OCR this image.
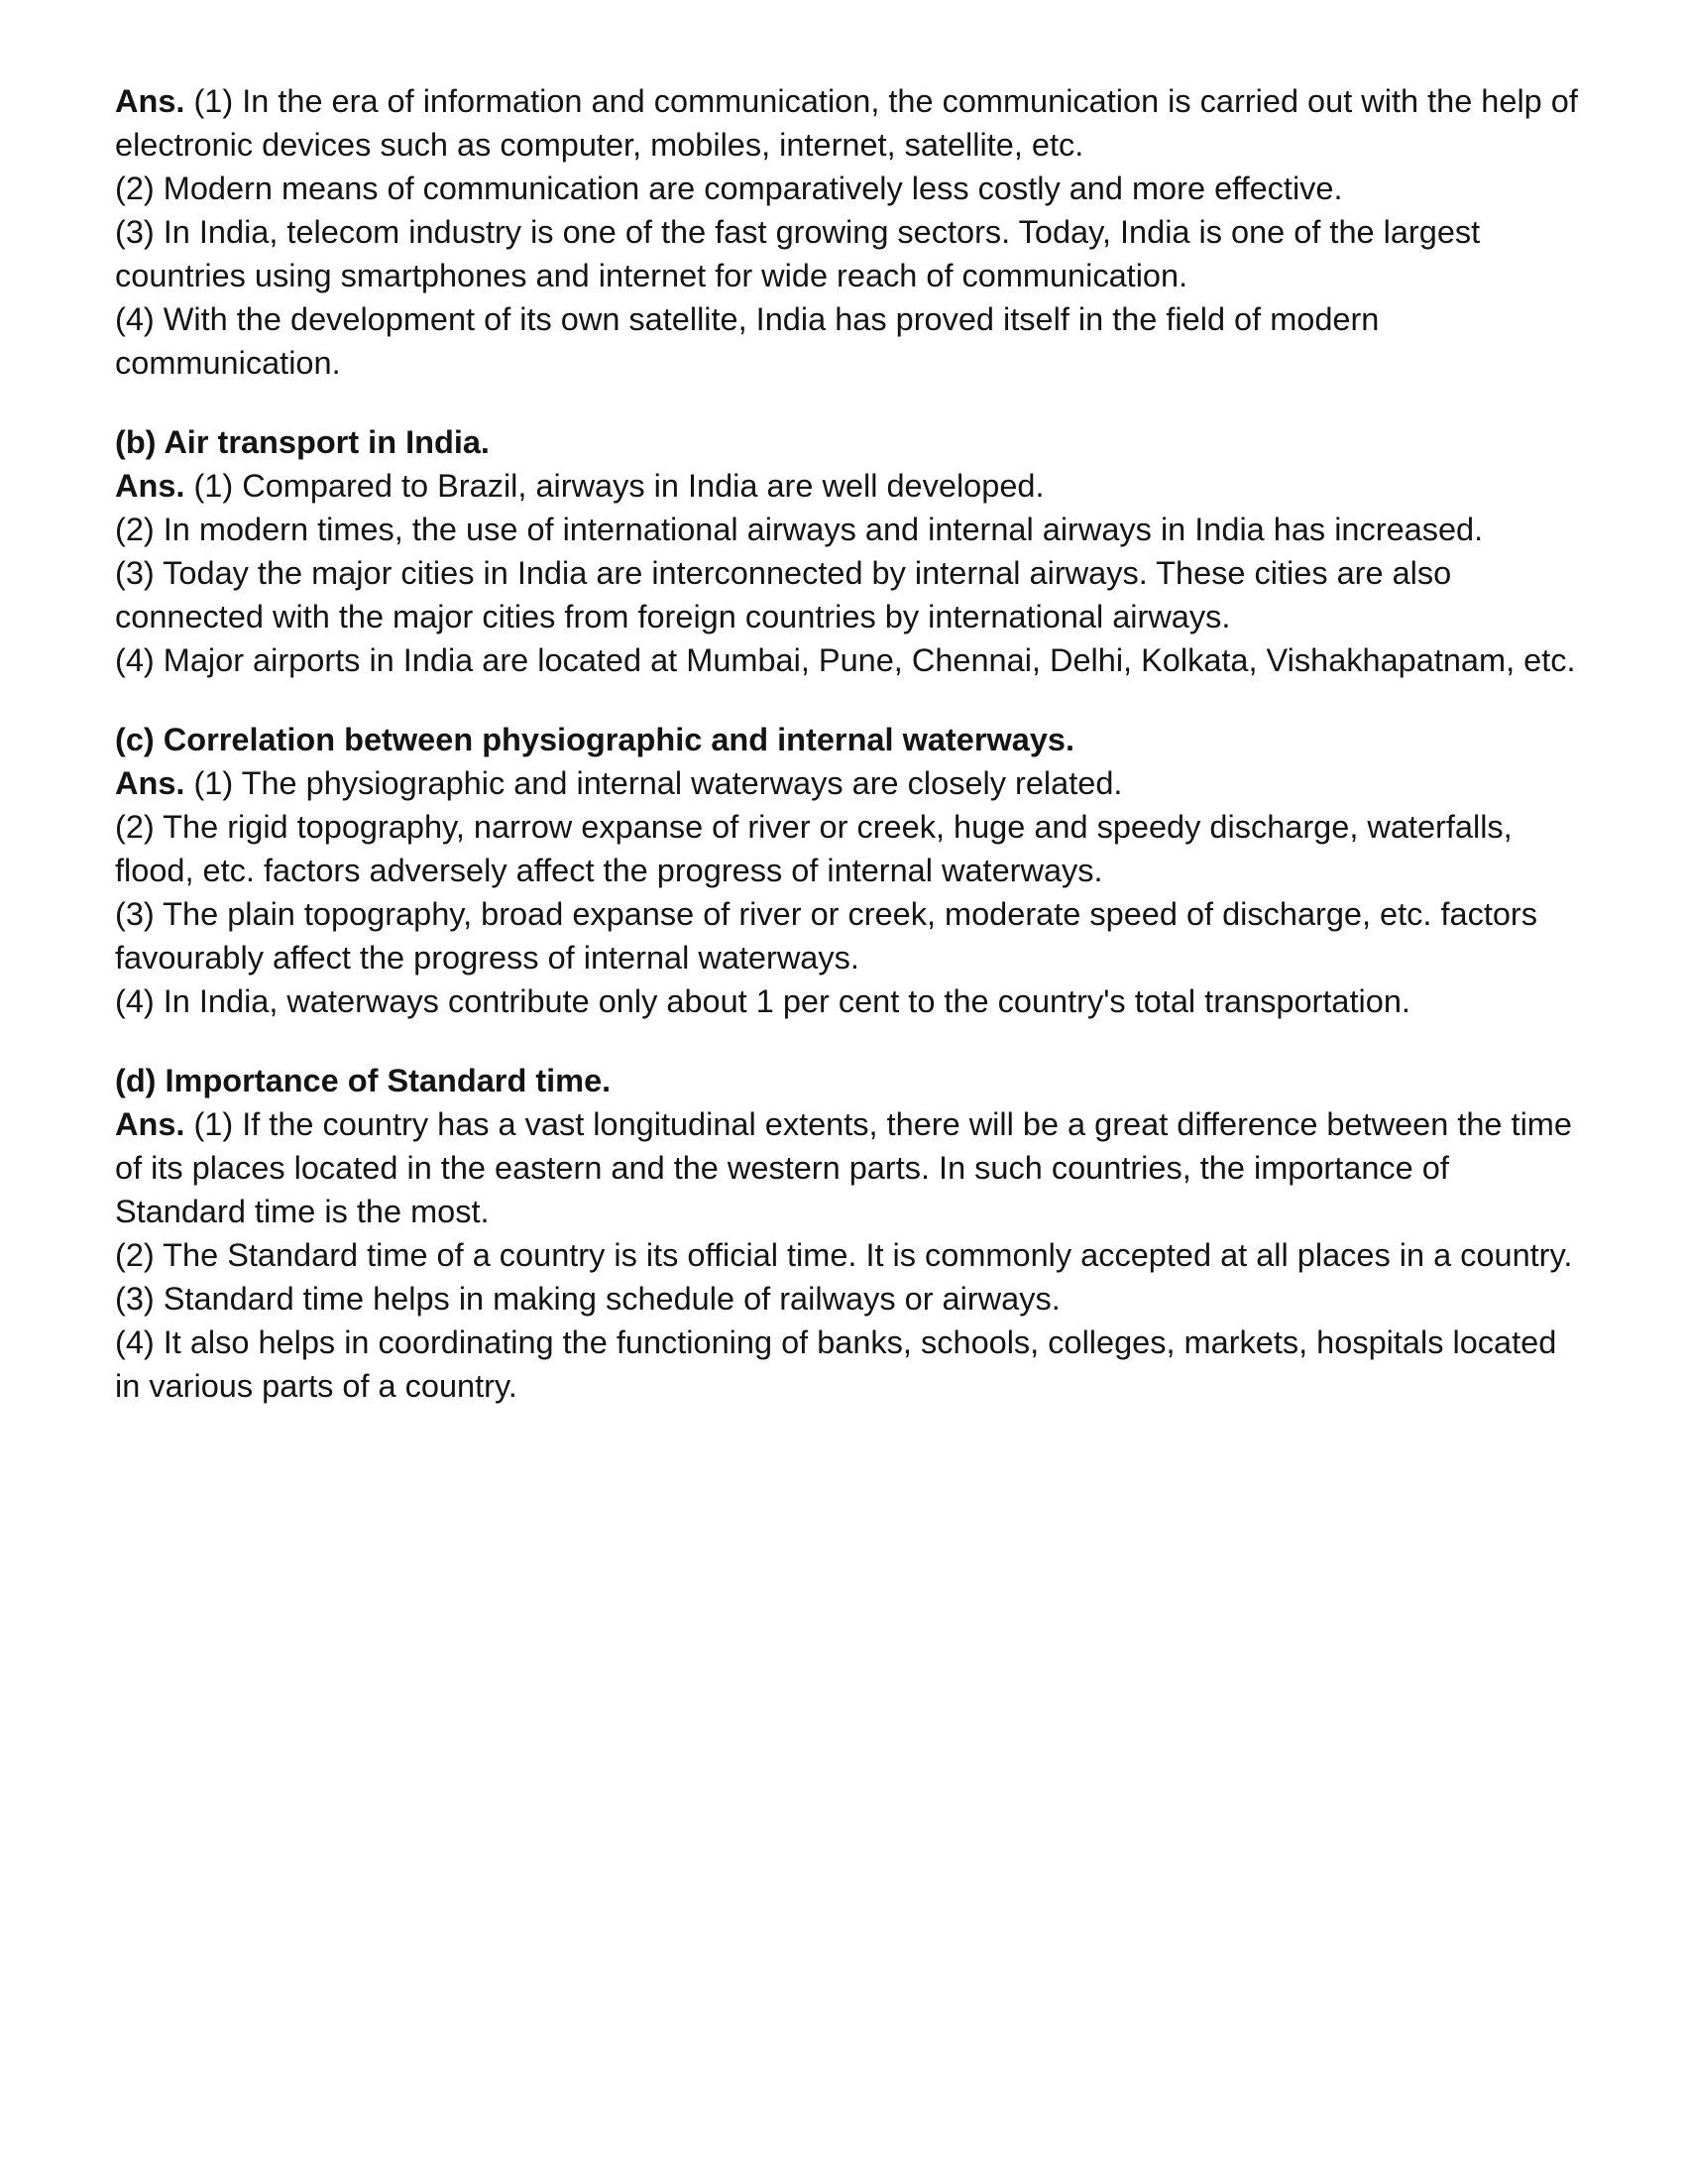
Ans. (1) In the era of information and communication, the communication is carried out with the help of electronic devices such as computer, mobiles, internet, satellite, etc.

(2) Modern means of communication are comparatively less costly and more effective.

(3) In India, telecom industry is one of the fast growing sectors. Today, India is one of the largest countries using smartphones and internet for wide reach of communication.

(4) With the development of its own satellite, India has proved itself in the field of modern communication.

(b) Air transport in India.

Ans. (1) Compared to Brazil, airways in India are well developed.

(2) In modern times, the use of international airways and internal airways in India has increased.

(3) Today the major cities in India are interconnected by internal airways. These cities are also connected with the major cities from foreign countries by international airways.

(4) Major airports in India are located at Mumbai, Pune, Chennai, Delhi, Kolkata, Vishakhapatnam, etc.

(c) Correlation between physiographic and internal waterways.

Ans. (1) The physiographic and internal waterways are closely related.

(2) The rigid topography, narrow expanse of river or creek, huge and speedy discharge, waterfalls, flood, etc. factors adversely affect the progress of internal waterways.

(3) The plain topography, broad expanse of river or creek, moderate speed of discharge, etc. factors favourably affect the progress of internal waterways.

(4) In India, waterways contribute only about 1 per cent to the country's total transportation.

(d) Importance of Standard time.

Ans. (1) If the country has a vast longitudinal extents, there will be a great difference between the time of its places located in the eastern and the western parts. In such countries, the importance of Standard time is the most.

(2) The Standard time of a country is its official time. It is commonly accepted at all places in a country.

(3) Standard time helps in making schedule of railways or airways.

(4) It also helps in coordinating the functioning of banks, schools, colleges, markets, hospitals located in various parts of a country.
